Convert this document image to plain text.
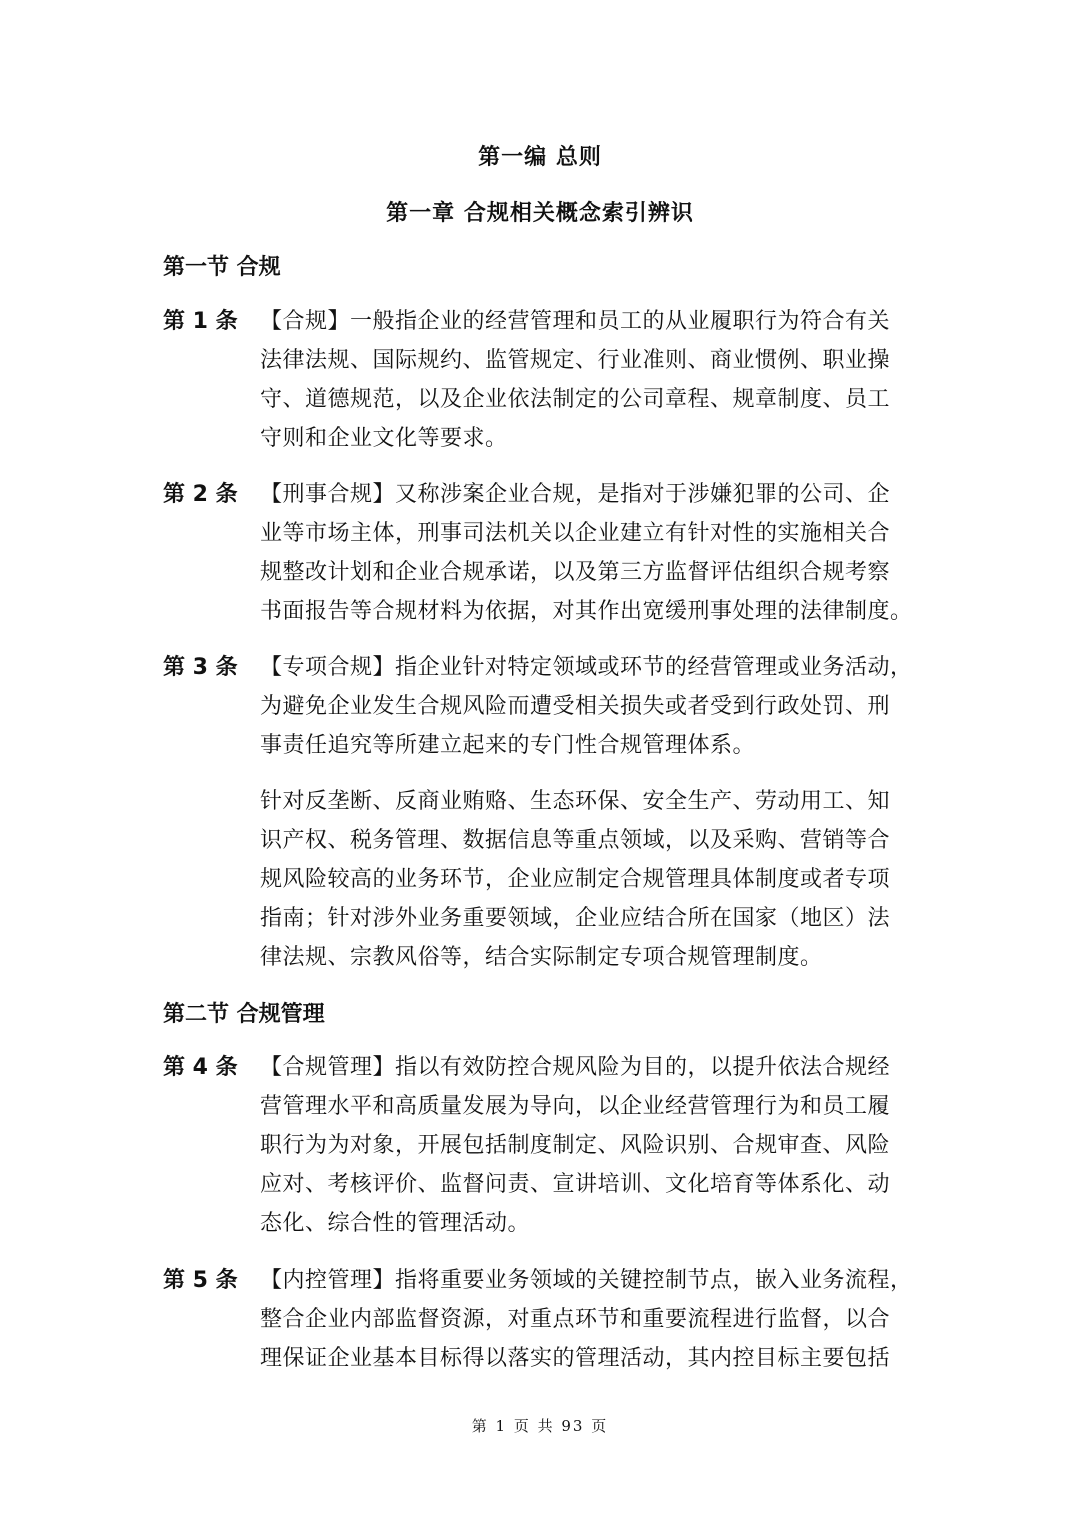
第一编 总则
第一章 合规相关概念索引辨识
第一节 合规
第 1 条 【合规】一般指企业的经营管理和员工的从业履职行为符合有关
法律法规、国际规约、监管规定、行业准则、商业惯例、职业操
守、道德规范，以及企业依法制定的公司章程、规章制度、员工
守则和企业文化等要求。
第 2 条 【刑事合规】又称涉案企业合规，是指对于涉嫌犯罪的公司、企
业等市场主体，刑事司法机关以企业建立有针对性的实施相关合
规整改计划和企业合规承诺，以及第三方监督评估组织合规考察
书面报告等合规材料为依据，对其作出宽缓刑事处理的法律制度。
第 3 条 【专项合规】指企业针对特定领域或环节的经营管理或业务活动，
为避免企业发生合规风险而遭受相关损失或者受到行政处罚、刑
事责任追究等所建立起来的专门性合规管理体系。
针对反垄断、反商业贿赂、生态环保、安全生产、劳动用工、知
识产权、税务管理、数据信息等重点领域，以及采购、营销等合
规风险较高的业务环节，企业应制定合规管理具体制度或者专项
指南；针对涉外业务重要领域，企业应结合所在国家（地区）法
律法规、宗教风俗等，结合实际制定专项合规管理制度。
第二节 合规管理
第 4 条 【合规管理】指以有效防控合规风险为目的，以提升依法合规经
营管理水平和高质量发展为导向，以企业经营管理行为和员工履
职行为为对象，开展包括制度制定、风险识别、合规审查、风险
应对、考核评价、监督问责、宣讲培训、文化培育等体系化、动
态化、综合性的管理活动。
第 5 条 【内控管理】指将重要业务领域的关键控制节点，嵌入业务流程，
整合企业内部监督资源，对重点环节和重要流程进行监督，以合
理保证企业基本目标得以落实的管理活动，其内控目标主要包括
第 1 页 共 93 页
